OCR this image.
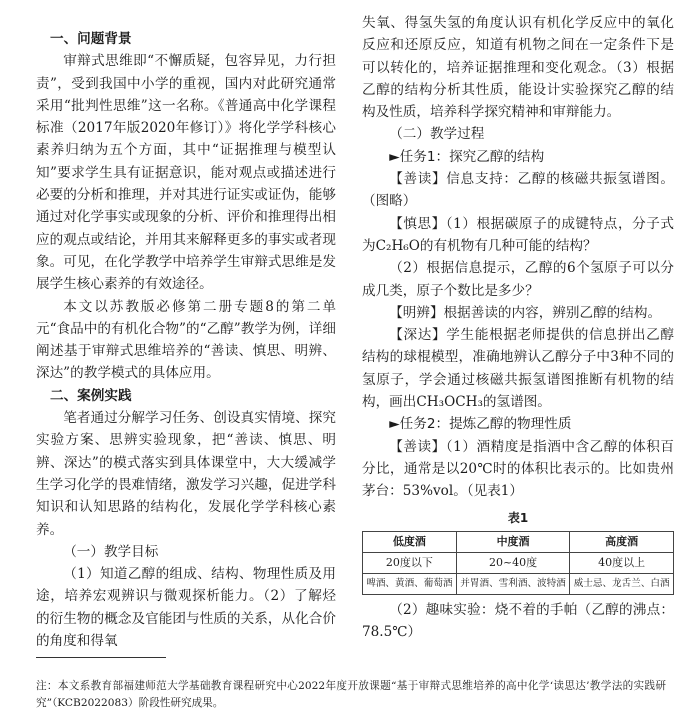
一、问题背景

审辩式思维即“不懈质疑，包容异见，力行担责”，受到我国中小学的重视，国内对此研究通常采用“批判性思维”这一名称。《普通高中化学课程标准（2017年版2020年修订）》将化学学科核心素养归纳为五个方面，其中“证据推理与模型认知”要求学生具有证据意识，能对观点或描述进行必要的分析和推理，并对其进行证实或证伪，能够通过对化学事实或现象的分析、评价和推理得出相应的观点或结论，并用其来解释更多的事实或者现象。可见，在化学教学中培养学生审辩式思维是发展学生核心素养的有效途径。

本文以苏教版必修第二册专题8的第二单元“食品中的有机化合物”的“乙醇”教学为例，详细阐述基于审辩式思维培养的“善读、慎思、明辨、深达”的教学模式的具体应用。

二、案例实践

笔者通过分解学习任务、创设真实情境、探究实验方案、思辨实验现象，把“善读、慎思、明辨、深达”的模式落实到具体课堂中，大大缓减学生学习化学的畏难情绪，激发学习兴趣，促进学科知识和认知思路的结构化，发展化学学科核心素养。

（一）教学目标

（1）知道乙醇的组成、结构、物理性质及用途，培养宏观辨识与微观探析能力。（2）了解烃的衍生物的概念及官能团与性质的关系，从化合价的角度和得氧

失氧、得氢失氢的角度认识有机化学反应中的氧化反应和还原反应，知道有机物之间在一定条件下是可以转化的，培养证据推理和变化观念。（3）根据乙醇的结构分析其性质，能设计实验探究乙醇的结构及性质，培养科学探究精神和审辩能力。

（二）教学过程

►任务1：探究乙醇的结构

【善读】信息支持：乙醇的核磁共振氢谱图。（图略）

【慎思】（1）根据碳原子的成键特点，分子式为C₂H₆O的有机物有几种可能的结构？

（2）根据信息提示，乙醇的6个氢原子可以分成几类，原子个数比是多少？

【明辨】根据善读的内容，辨别乙醇的结构。

【深达】学生能根据老师提供的信息拼出乙醇结构的球棍模型，准确地辨认乙醇分子中3种不同的氢原子，学会通过核磁共振氢谱图推断有机物的结构，画出CH₃OCH₃的氢谱图。

►任务2：提炼乙醇的物理性质

【善读】（1）酒精度是指酒中含乙醇的体积百分比，通常是以20℃时的体积比表示的。比如贵州茅台：53%vol。（见表1）

表1
低度酒	中度酒	高度酒
20度以下	20~40度	40度以上
啤酒、黄酒、葡萄酒	并胃酒、雪利酒、波特酒	威士忌、龙舌兰、白酒

（2）趣味实验：烧不着的手帕（乙醇的沸点：78.5℃）

注：本文系教育部福建师范大学基础教育课程研究中心2022年度开放课题“基于审辩式思维培养的高中化学‘读思达’教学法的实践研究”（KCB2022083）阶段性研究成果。
